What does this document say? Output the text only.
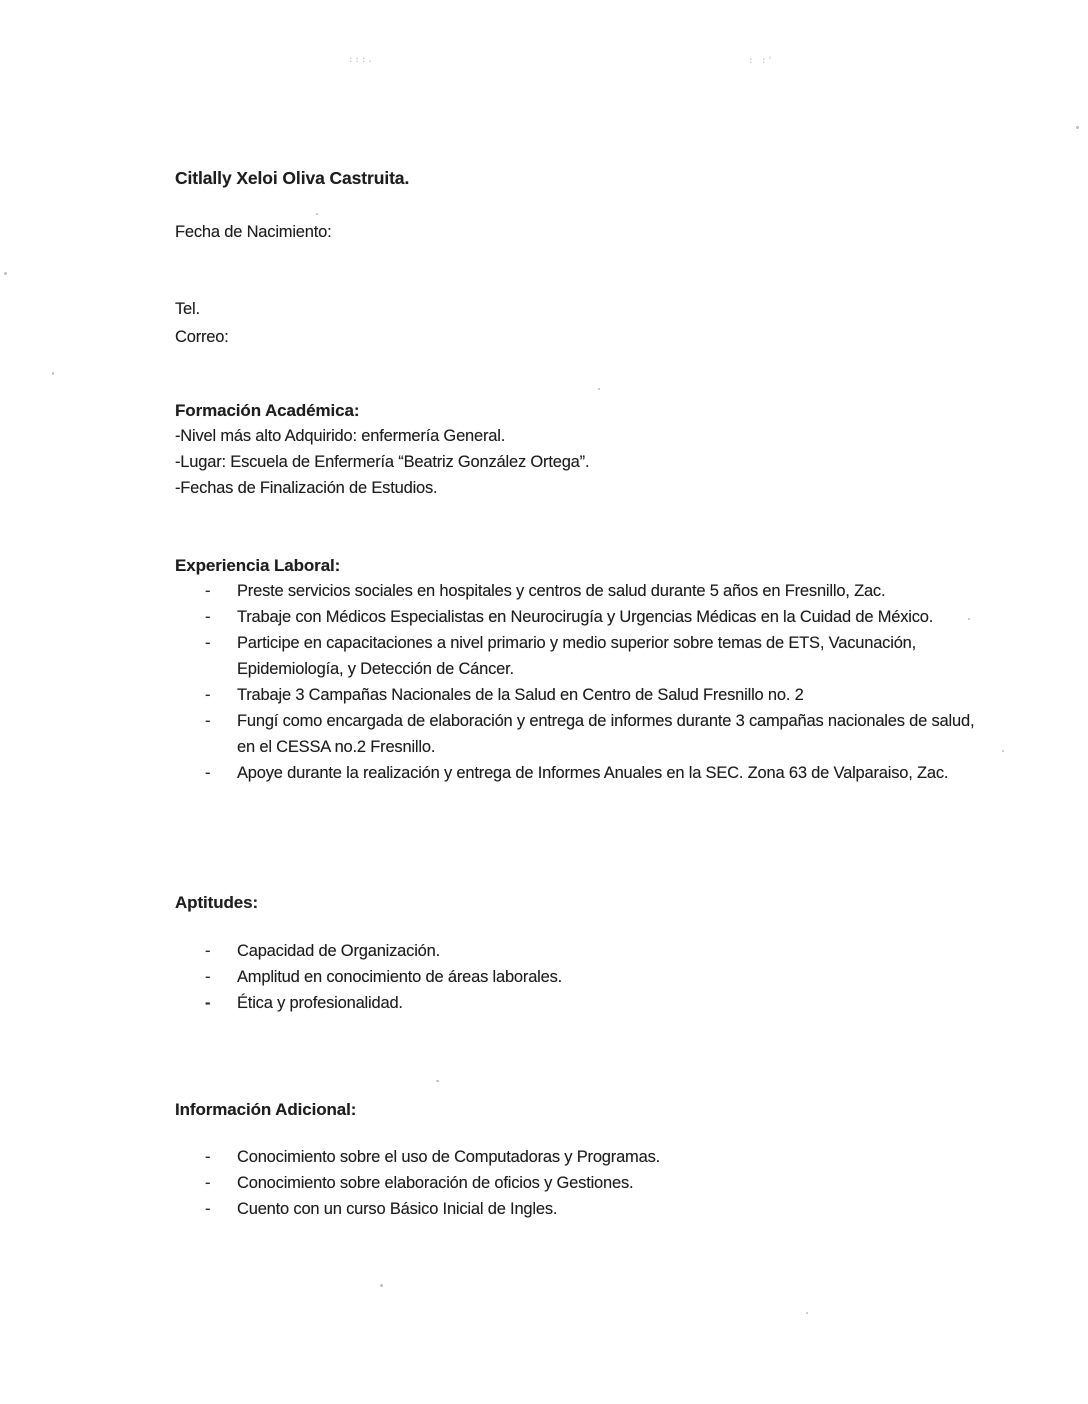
:::.	: :'
Citlally Xeloi Oliva Castruita.

Fecha de Nacimiento:

Tel.

Correo:

Formación Académica:

-Nivel más alto Adquirido: enfermería General.

-Lugar: Escuela de Enfermería “Beatriz González Ortega”.

-Fechas de Finalización de Estudios.

Experiencia Laboral:
-	Preste servicios sociales en hospitales y centros de salud durante 5 años en Fresnillo, Zac.
-	Trabaje con Médicos Especialistas en Neurocirugía y Urgencias Médicas en la Cuidad de México.
-	Participe en capacitaciones a nivel primario y medio superior sobre temas de ETS, Vacunación, Epidemiología, y Detección de Cáncer.
-	Trabaje 3 Campañas Nacionales de la Salud en Centro de Salud Fresnillo no. 2
-	Fungí como encargada de elaboración y entrega de informes durante 3 campañas nacionales de salud, en el CESSA no.2 Fresnillo.
-	Apoye durante la realización y entrega de Informes Anuales en la SEC. Zona 63 de Valparaiso, Zac.
Aptitudes:
-	Capacidad de Organización.
-	Amplitud en conocimiento de áreas laborales.
-	Ética y profesionalidad.
Información Adicional:
-	Conocimiento sobre el uso de Computadoras y Programas.
-	Conocimiento sobre elaboración de oficios y Gestiones.
-	Cuento con un curso Básico Inicial de Ingles.
